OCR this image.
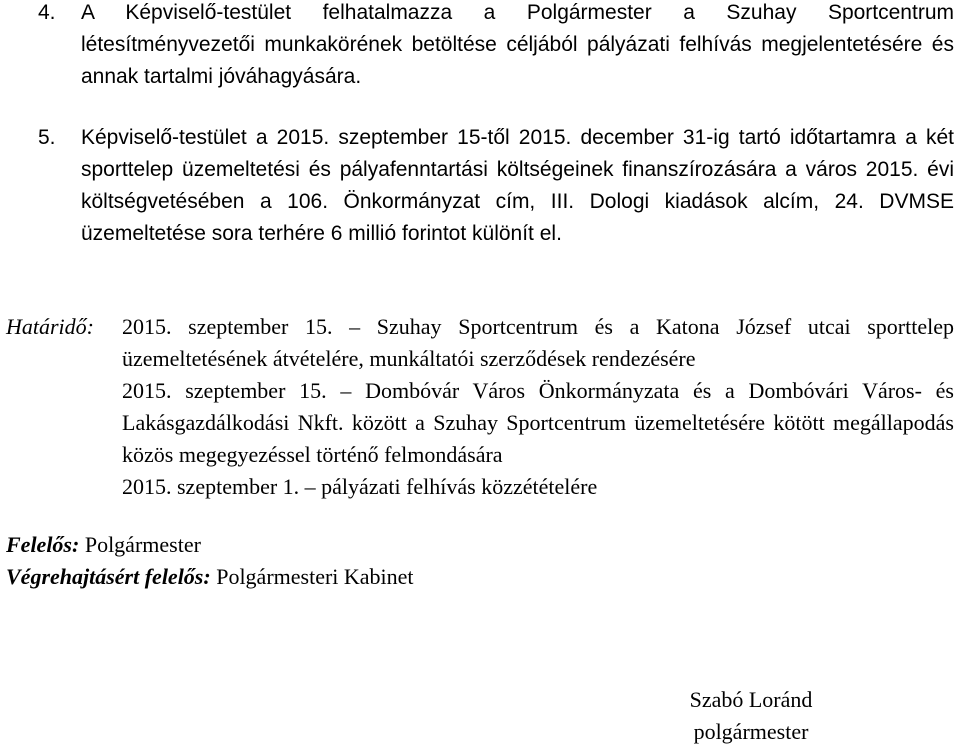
4.	A Képviselő-testület felhatalmazza a Polgármester a Szuhay Sportcentrum létesítményvezetői munkakörének betöltése céljából pályázati felhívás megjelentetésére és annak tartalmi jóváhagyására.
5.	Képviselő-testület a 2015. szeptember 15-től 2015. december 31-ig tartó időtartamra a két sporttelep üzemeltetési és pályafenntartási költségeinek finanszírozására a város 2015. évi költségvetésében a 106. Önkormányzat cím, III. Dologi kiadások alcím, 24. DVMSE üzemeltetése sora terhére 6 millió forintot különít el.
Határidő: 2015. szeptember 15. – Szuhay Sportcentrum és a Katona József utcai sporttelep üzemeltetésének átvételére, munkáltatói szerződések rendezésére
2015. szeptember 15. – Dombóvár Város Önkormányzata és a Dombóvári Város- és Lakásgazdálkodási Nkft. között a Szuhay Sportcentrum üzemeltetésére kötött megállapodás közös megegyezéssel történő felmondására
2015. szeptember 1. – pályázati felhívás közzétételére
Felelős: Polgármester
Végrehajtásért felelős: Polgármesteri Kabinet
Szabó Loránd
polgármester
